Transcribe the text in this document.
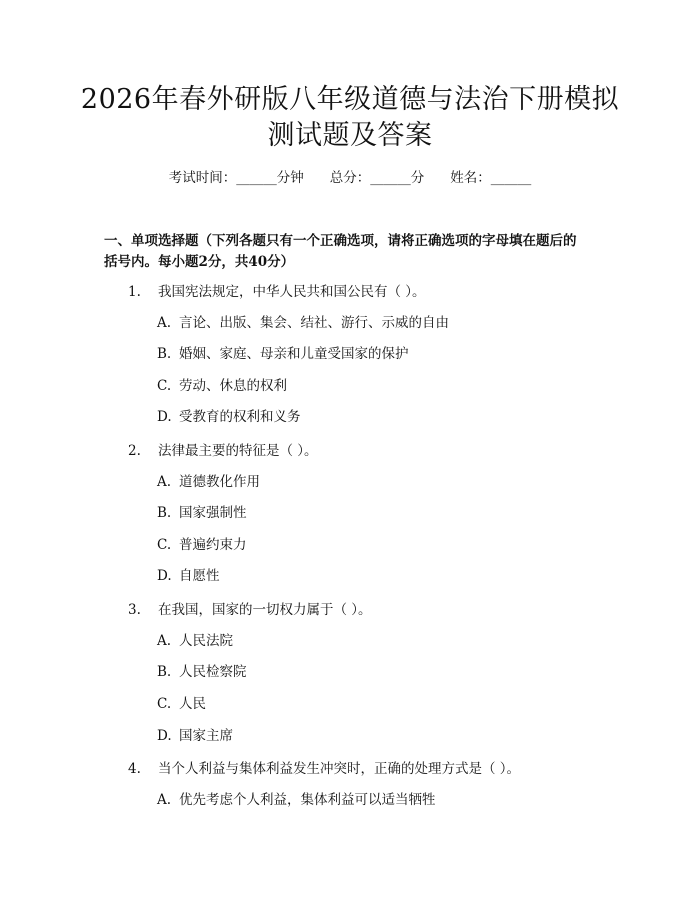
2026年春外研版八年级道德与法治下册模拟
测试题及答案
考试时间：______分钟 总分：______分 姓名：______
一、单项选择题（下列各题只有一个正确选项，请将正确选项的字母填在题后的
括号内。每小题2分，共40分）
1. 我国宪法规定，中华人民共和国公民有（ ）。
A. 言论、出版、集会、结社、游行、示威的自由
B. 婚姻、家庭、母亲和儿童受国家的保护
C. 劳动、休息的权利
D. 受教育的权利和义务
2. 法律最主要的特征是（ ）。
A. 道德教化作用
B. 国家强制性
C. 普遍约束力
D. 自愿性
3. 在我国，国家的一切权力属于（ ）。
A. 人民法院
B. 人民检察院
C. 人民
D. 国家主席
4. 当个人利益与集体利益发生冲突时，正确的处理方式是（ ）。
A. 优先考虑个人利益，集体利益可以适当牺牲
